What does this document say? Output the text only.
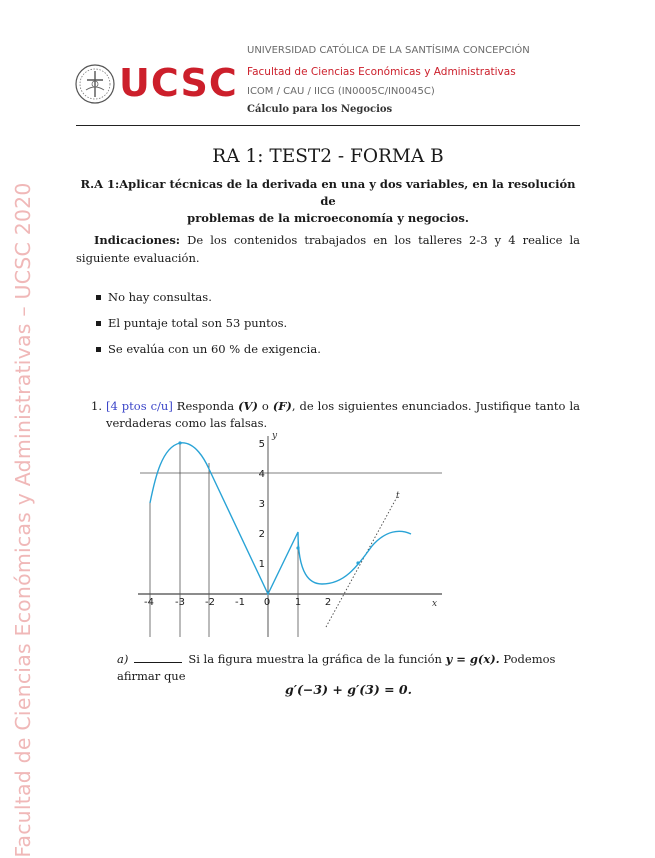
Facultad de Ciencias Económicas y Administrativas – UCSC 2020
UCSC
UNIVERSIDAD CATÓLICA DE LA SANTÍSIMA CONCEPCIÓN
Facultad de Ciencias Económicas y Administrativas
ICOM / CAU / IICG (IN0005C/IN0045C)
Cálculo para los Negocios
RA 1: TEST2 - FORMA B
R.A 1:Aplicar técnicas de la derivada en una y dos variables, en la resolución de
problemas de la microeconomía y negocios.
Indicaciones: De los contenidos trabajados en los talleres 2-3 y 4 realice la siguiente evaluación.
No hay consultas.
El puntaje total son 53 puntos.
Se evalúa con un 60 % de exigencia.
1. [4 ptos c/u] Responda (V) o (F), de los siguientes enunciados. Justifique tanto la verdaderas como las falsas.
-4 -3 -2 -1 0 1 2
1
2
3
4
5
y
x
t
a)	Si la figura muestra la gráfica de la función y = g(x). Podemos afirmar que
g′(−3) + g′(3) = 0.
